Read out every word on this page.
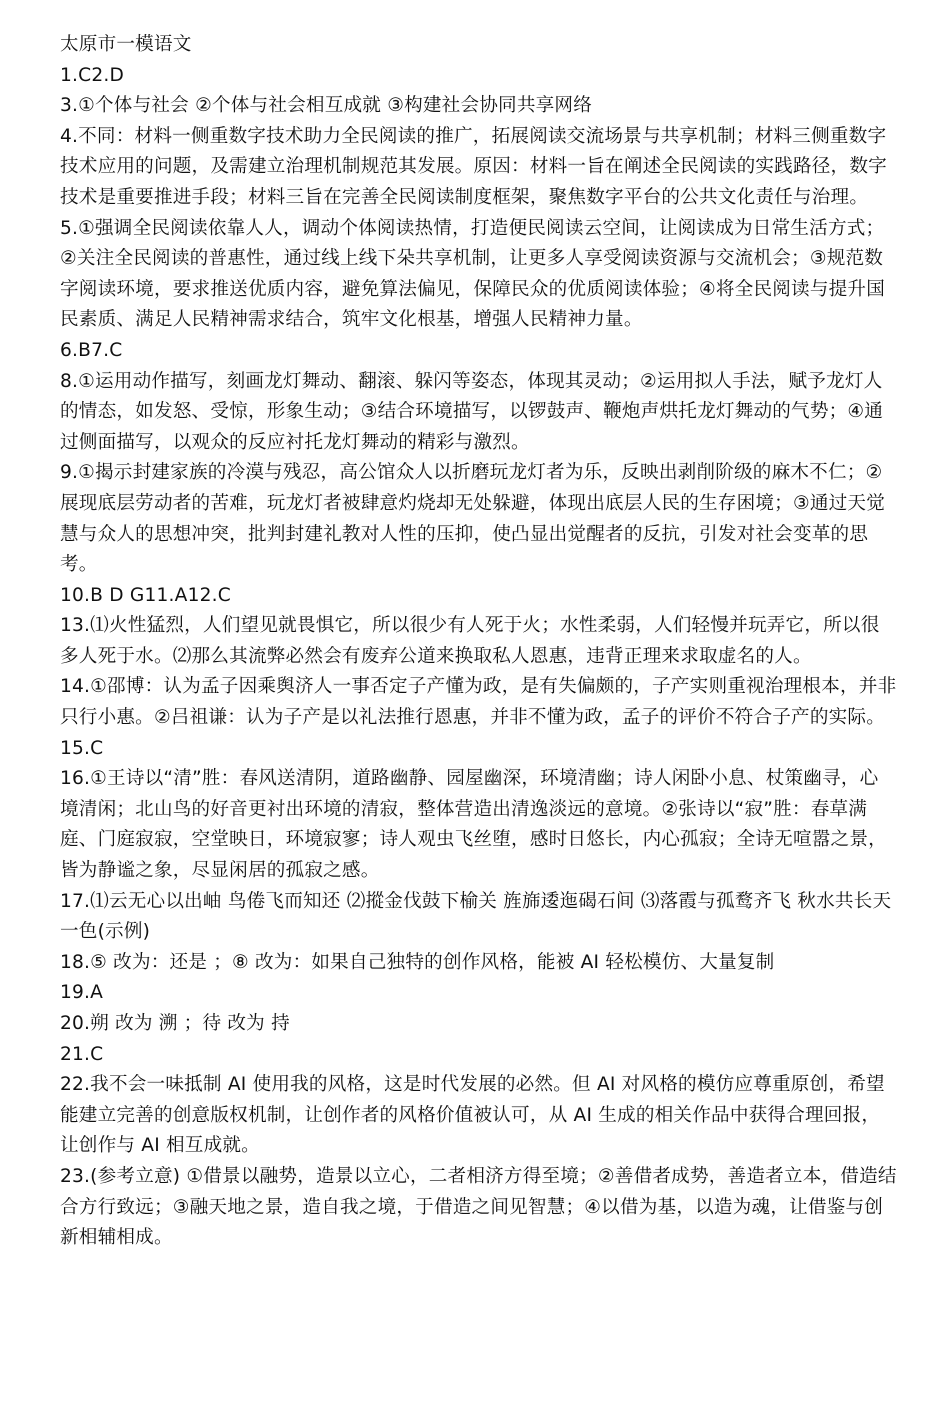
太原市一模语文

1.C2.D

3.①个体与社会 ②个体与社会相互成就 ③构建社会协同共享网络

4.不同：材料一侧重数字技术助力全民阅读的推广，拓展阅读交流场景与共享机制；材料三侧重数字技术应用的问题，及需建立治理机制规范其发展。原因：材料一旨在阐述全民阅读的实践路径，数字技术是重要推进手段；材料三旨在完善全民阅读制度框架，聚焦数字平台的公共文化责任与治理。

5.①强调全民阅读依靠人人，调动个体阅读热情，打造便民阅读云空间，让阅读成为日常生活方式；②关注全民阅读的普惠性，通过线上线下朵共享机制，让更多人享受阅读资源与交流机会；③规范数字阅读环境，要求推送优质内容，避免算法偏见，保障民众的优质阅读体验；④将全民阅读与提升国民素质、满足人民精神需求结合，筑牢文化根基，增强人民精神力量。

6.B7.C

8.①运用动作描写，刻画龙灯舞动、翻滚、躲闪等姿态，体现其灵动；②运用拟人手法，赋予龙灯人的情态，如发怒、受惊，形象生动；③结合环境描写，以锣鼓声、鞭炮声烘托龙灯舞动的气势；④通过侧面描写，以观众的反应衬托龙灯舞动的精彩与激烈。

9.①揭示封建家族的冷漠与残忍，高公馆众人以折磨玩龙灯者为乐，反映出剥削阶级的麻木不仁；②展现底层劳动者的苦难，玩龙灯者被肆意灼烧却无处躲避，体现出底层人民的生存困境；③通过天觉慧与众人的思想冲突，批判封建礼教对人性的压抑，使凸显出觉醒者的反抗，引发对社会变革的思考。

10.B D G11.A12.C

13.⑴火性猛烈，人们望见就畏惧它，所以很少有人死于火；水性柔弱，人们轻慢并玩弄它，所以很多人死于水。⑵那么其流弊必然会有废弃公道来换取私人恩惠，违背正理来求取虚名的人。

14.①邵博：认为孟子因乘舆济人一事否定子产懂为政，是有失偏颇的，子产实则重视治理根本，并非只行小惠。②吕祖谦：认为子产是以礼法推行恩惠，并非不懂为政，孟子的评价不符合子产的实际。

15.C

16.①王诗以“清”胜：春风送清阴，道路幽静、园屋幽深，环境清幽；诗人闲卧小息、杖策幽寻，心境清闲；北山鸟的好音更衬出环境的清寂，整体营造出清逸淡远的意境。②张诗以“寂”胜：春草满庭、门庭寂寂，空堂映日，环境寂寥；诗人观虫飞丝堕，感时日悠长，内心孤寂；全诗无喧嚣之景，皆为静谧之象，尽显闲居的孤寂之感。

17.⑴云无心以出岫 鸟倦飞而知还 ⑵摐金伐鼓下榆关 旌旆逶迤碣石间 ⑶落霞与孤鹜齐飞 秋水共长天一色(示例)

18.⑤ 改为：还是 ；⑧ 改为：如果自己独特的创作风格，能被 AI 轻松模仿、大量复制

19.A

20.朔 改为 溯 ；待 改为 持

21.C

22.我不会一味抵制 AI 使用我的风格，这是时代发展的必然。但 AI 对风格的模仿应尊重原创，希望能建立完善的创意版权机制，让创作者的风格价值被认可，从 AI 生成的相关作品中获得合理回报，让创作与 AI 相互成就。

23.(参考立意) ①借景以融势，造景以立心，二者相济方得至境；②善借者成势，善造者立本，借造结合方行致远；③融天地之景，造自我之境，于借造之间见智慧；④以借为基，以造为魂，让借鉴与创新相辅相成。
